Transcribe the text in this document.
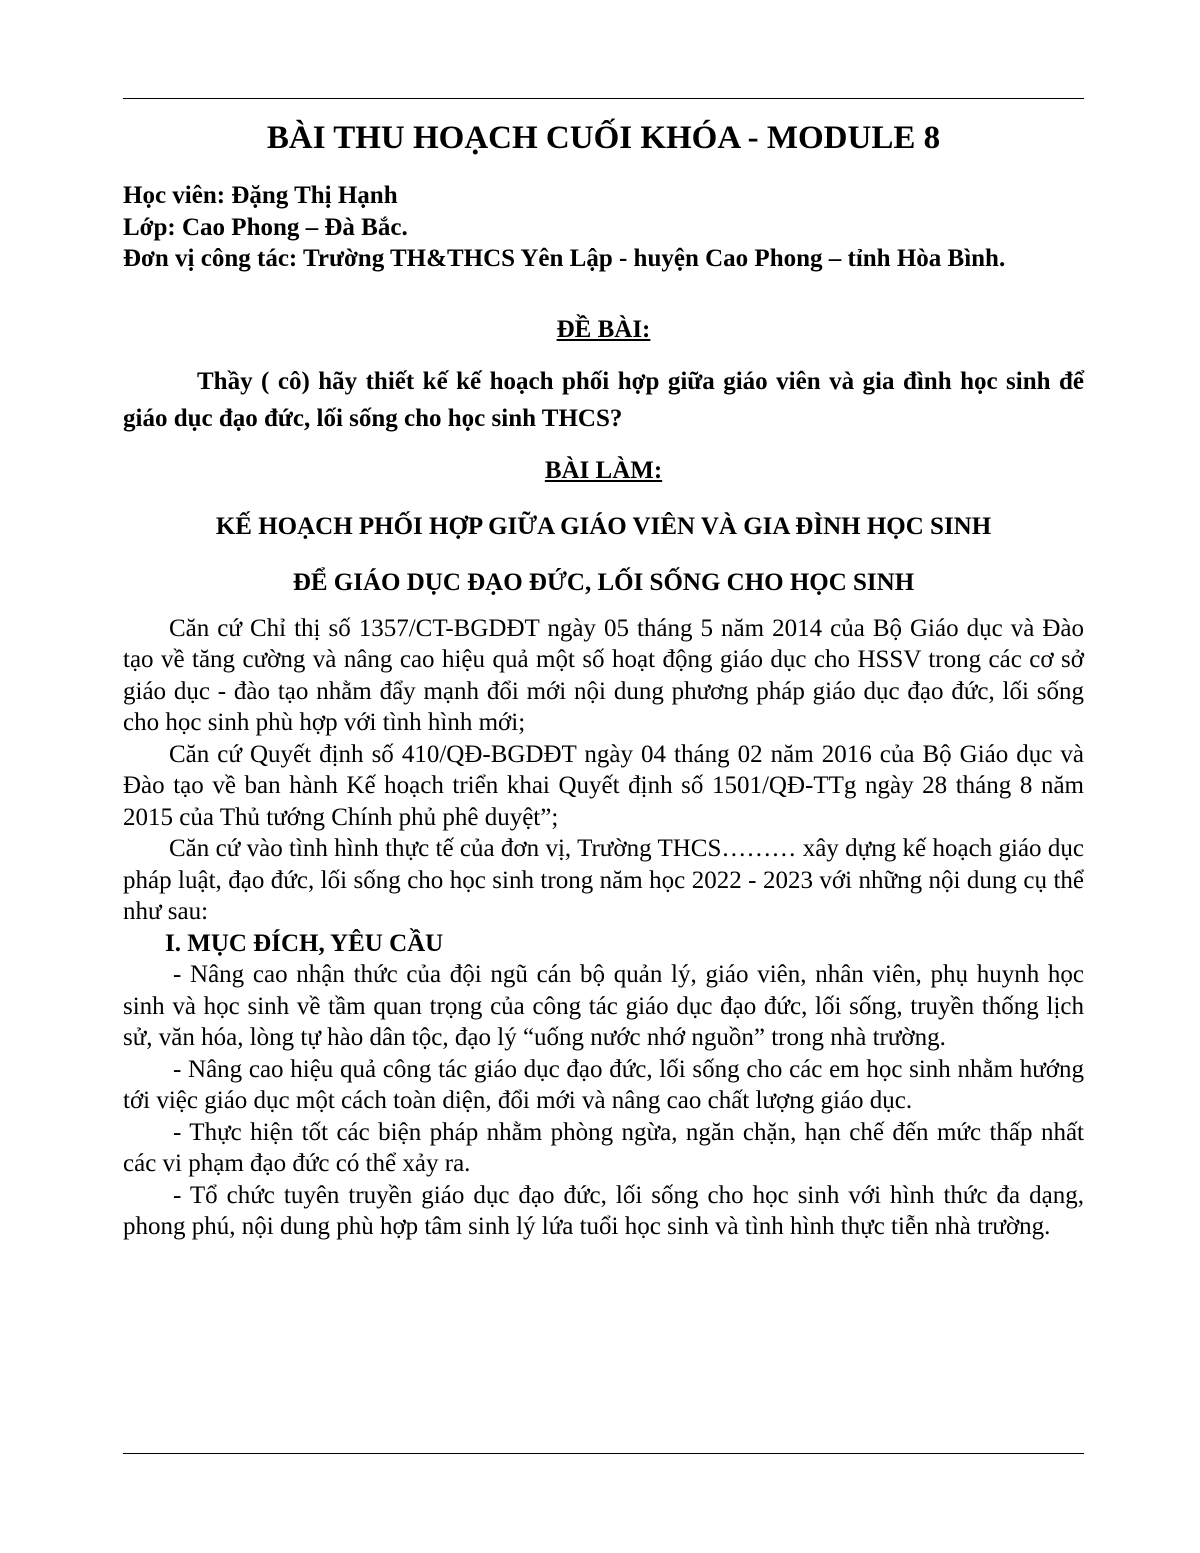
BÀI THU HOẠCH CUỐI KHÓA - MODULE 8

Học viên: Đặng Thị Hạnh

Lớp: Cao Phong – Đà Bắc.

Đơn vị công tác: Trường TH&THCS Yên Lập - huyện Cao Phong – tỉnh Hòa Bình.

ĐỀ BÀI:

Thầy ( cô) hãy thiết kế kế hoạch phối hợp giữa giáo viên và gia đình học sinh để giáo dục đạo đức, lối sống cho học sinh THCS?

BÀI LÀM:

KẾ HOẠCH PHỐI HỢP GIỮA GIÁO VIÊN VÀ GIA ĐÌNH HỌC SINH

ĐỂ GIÁO DỤC ĐẠO ĐỨC, LỐI SỐNG CHO HỌC SINH

Căn cứ Chỉ thị số 1357/CT-BGDĐT ngày 05 tháng 5 năm 2014 của Bộ Giáo dục và Đào tạo về tăng cường và nâng cao hiệu quả một số hoạt động giáo dục cho HSSV trong các cơ sở giáo dục - đào tạo nhằm đẩy mạnh đổi mới nội dung phương pháp giáo dục đạo đức, lối sống cho học sinh phù hợp với tình hình mới;

Căn cứ Quyết định số 410/QĐ-BGDĐT ngày 04 tháng 02 năm 2016 của Bộ Giáo dục và Đào tạo về ban hành Kế hoạch triển khai Quyết định số 1501/QĐ-TTg ngày 28 tháng 8 năm 2015 của Thủ tướng Chính phủ phê duyệt”;

Căn cứ vào tình hình thực tế của đơn vị, Trường THCS……… xây dựng kế hoạch giáo dục pháp luật, đạo đức, lối sống cho học sinh trong năm học 2022 - 2023 với những nội dung cụ thể như sau:

I. MỤC ĐÍCH, YÊU CẦU

- Nâng cao nhận thức của đội ngũ cán bộ quản lý, giáo viên, nhân viên, phụ huynh học sinh và học sinh về tầm quan trọng của công tác giáo dục đạo đức, lối sống, truyền thống lịch sử, văn hóa, lòng tự hào dân tộc, đạo lý “uống nước nhớ nguồn” trong nhà trường.

- Nâng cao hiệu quả công tác giáo dục đạo đức, lối sống cho các em học sinh nhằm hướng tới việc giáo dục một cách toàn diện, đổi mới và nâng cao chất lượng giáo dục.

- Thực hiện tốt các biện pháp nhằm phòng ngừa, ngăn chặn, hạn chế đến mức thấp nhất các vi phạm đạo đức có thể xảy ra.

- Tổ chức tuyên truyền giáo dục đạo đức, lối sống cho học sinh với hình thức đa dạng, phong phú, nội dung phù hợp tâm sinh lý lứa tuổi học sinh và tình hình thực tiễn nhà trường.
